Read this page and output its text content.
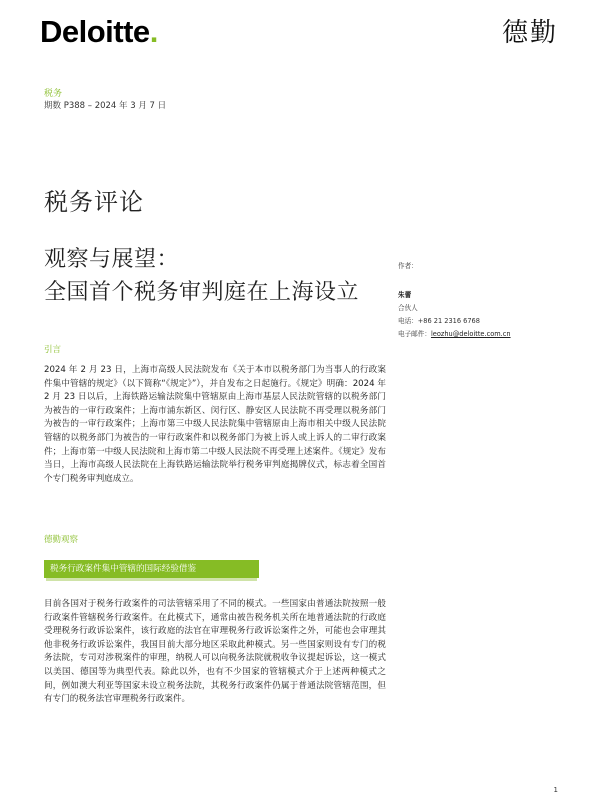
Deloitte.	德勤
税务
期数 P388 – 2024 年 3 月 7 日
税务评论
观察与展望：
全国首个税务审判庭在上海设立
作者：
朱蕾
合伙人
电话：+86 21 2316 6768
电子邮件：leozhu@deloitte.com.cn
引言
2024 年 2 月 23 日，上海市高级人民法院发布《关于本市以税务部门为当事人的行政案件集中管辖的规定》（以下简称“《规定》”），并自发布之日起施行。《规定》明确：2024 年 2 月 23 日以后，上海铁路运输法院集中管辖原由上海市基层人民法院管辖的以税务部门为被告的一审行政案件；上海市浦东新区、闵行区、静安区人民法院不再受理以税务部门为被告的一审行政案件；上海市第三中级人民法院集中管辖原由上海市相关中级人民法院管辖的以税务部门为被告的一审行政案件和以税务部门为被上诉人或上诉人的二审行政案件；上海市第一中级人民法院和上海市第二中级人民法院不再受理上述案件。《规定》发布当日，上海市高级人民法院在上海铁路运输法院举行税务审判庭揭牌仪式，标志着全国首个专门税务审判庭成立。
德勤观察
税务行政案件集中管辖的国际经验借鉴
目前各国对于税务行政案件的司法管辖采用了不同的模式。一些国家由普通法院按照一般行政案件管辖税务行政案件。在此模式下，通常由被告税务机关所在地普通法院的行政庭受理税务行政诉讼案件，该行政庭的法官在审理税务行政诉讼案件之外，可能也会审理其他非税务行政诉讼案件，我国目前大部分地区采取此种模式。另一些国家则设有专门的税务法院，专司对涉税案件的审理，纳税人可以向税务法院就税收争议提起诉讼，这一模式以美国、德国等为典型代表。除此以外，也有不少国家的管辖模式介于上述两种模式之间，例如澳大利亚等国家未设立税务法院，其税务行政案件仍属于普通法院管辖范围，但有专门的税务法官审理税务行政案件。
1
